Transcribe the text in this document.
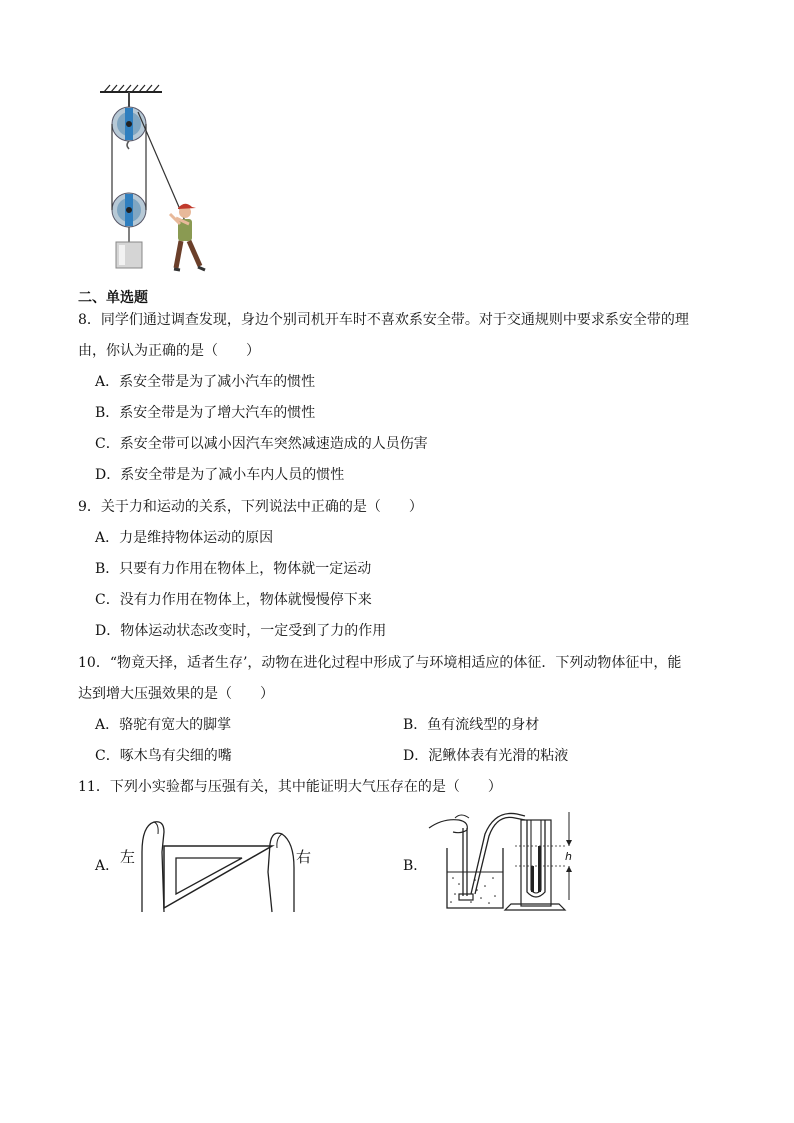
二、单选题
8．同学们通过调查发现，身边个别司机开车时不喜欢系安全带。对于交通规则中要求系安全带的理
由，你认为正确的是（　　）
A．系安全带是为了减小汽车的惯性
B．系安全带是为了增大汽车的惯性
C．系安全带可以减小因汽车突然减速造成的人员伤害
D．系安全带是为了减小车内人员的惯性
9．关于力和运动的关系，下列说法中正确的是（　　）
A．力是维持物体运动的原因
B．只要有力作用在物体上，物体就一定运动
C．没有力作用在物体上，物体就慢慢停下来
D．物体运动状态改变时，一定受到了力的作用
10．“物竟天择，适者生存’，动物在进化过程中形成了与环境相适应的体征．下列动物体征中，能
达到增大压强效果的是（　　）
A．骆驼有宽大的脚掌	B．鱼有流线型的身材
C．啄木鸟有尖细的嘴	D．泥鳅体表有光滑的粘液
11．下列小实验都与压强有关，其中能证明大气压存在的是（　　）
A．	B．
左	右	h
